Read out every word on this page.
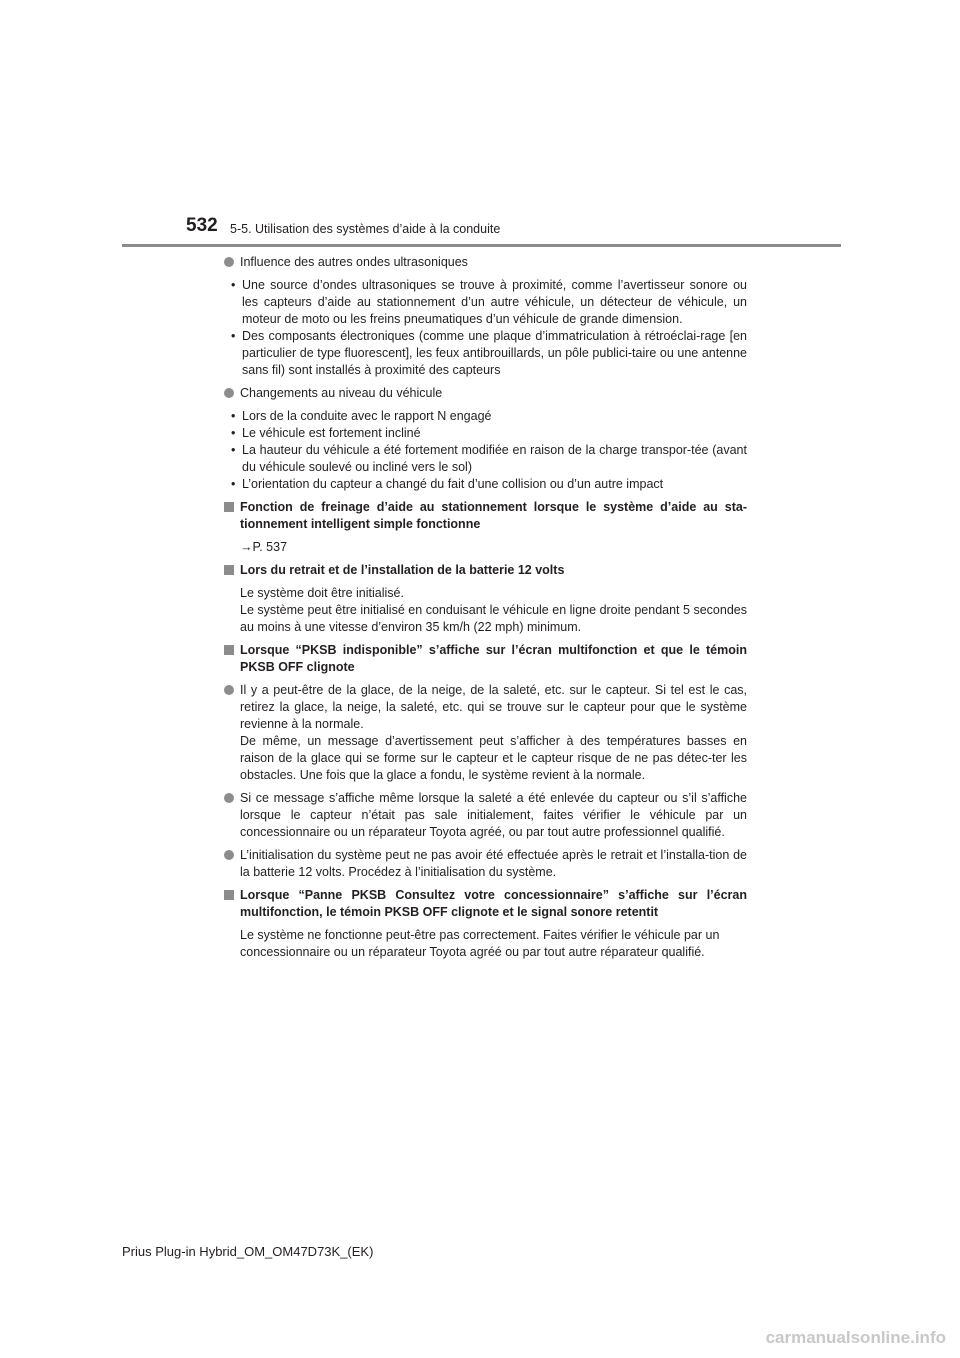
532 5-5. Utilisation des systèmes d’aide à la conduite
Influence des autres ondes ultrasoniques
• Une source d’ondes ultrasoniques se trouve à proximité, comme l’avertisseur sonore ou les capteurs d’aide au stationnement d’un autre véhicule, un détecteur de véhicule, un moteur de moto ou les freins pneumatiques d’un véhicule de grande dimension.
• Des composants électroniques (comme une plaque d’immatriculation à rétroéclai-rage [en particulier de type fluorescent], les feux antibrouillards, un pôle publici-taire ou une antenne sans fil) sont installés à proximité des capteurs
Changements au niveau du véhicule
• Lors de la conduite avec le rapport N engagé
• Le véhicule est fortement incliné
• La hauteur du véhicule a été fortement modifiée en raison de la charge transpor-tée (avant du véhicule soulevé ou incliné vers le sol)
• L’orientation du capteur a changé du fait d’une collision ou d’un autre impact
Fonction de freinage d’aide au stationnement lorsque le système d’aide au sta-tionnement intelligent simple fonctionne
→P. 537
Lors du retrait et de l’installation de la batterie 12 volts
Le système doit être initialisé.
Le système peut être initialisé en conduisant le véhicule en ligne droite pendant 5 secondes au moins à une vitesse d’environ 35 km/h (22 mph) minimum.
Lorsque “PKSB indisponible” s’affiche sur l’écran multifonction et que le témoin PKSB OFF clignote
Il y a peut-être de la glace, de la neige, de la saleté, etc. sur le capteur. Si tel est le cas, retirez la glace, la neige, la saleté, etc. qui se trouve sur le capteur pour que le système revienne à la normale.
De même, un message d’avertissement peut s’afficher à des températures basses en raison de la glace qui se forme sur le capteur et le capteur risque de ne pas détec-ter les obstacles. Une fois que la glace a fondu, le système revient à la normale.
Si ce message s’affiche même lorsque la saleté a été enlevée du capteur ou s’il s’affiche lorsque le capteur n’était pas sale initialement, faites vérifier le véhicule par un concessionnaire ou un réparateur Toyota agréé, ou par tout autre professionnel qualifié.
L’initialisation du système peut ne pas avoir été effectuée après le retrait et l’installa-tion de la batterie 12 volts. Procédez à l’initialisation du système.
Lorsque “Panne PKSB Consultez votre concessionnaire” s’affiche sur l’écran multifonction, le témoin PKSB OFF clignote et le signal sonore retentit
Le système ne fonctionne peut-être pas correctement. Faites vérifier le véhicule par un concessionnaire ou un réparateur Toyota agréé ou par tout autre réparateur qualifié.
Prius Plug-in Hybrid_OM_OM47D73K_(EK)
carmanualsonline.info
